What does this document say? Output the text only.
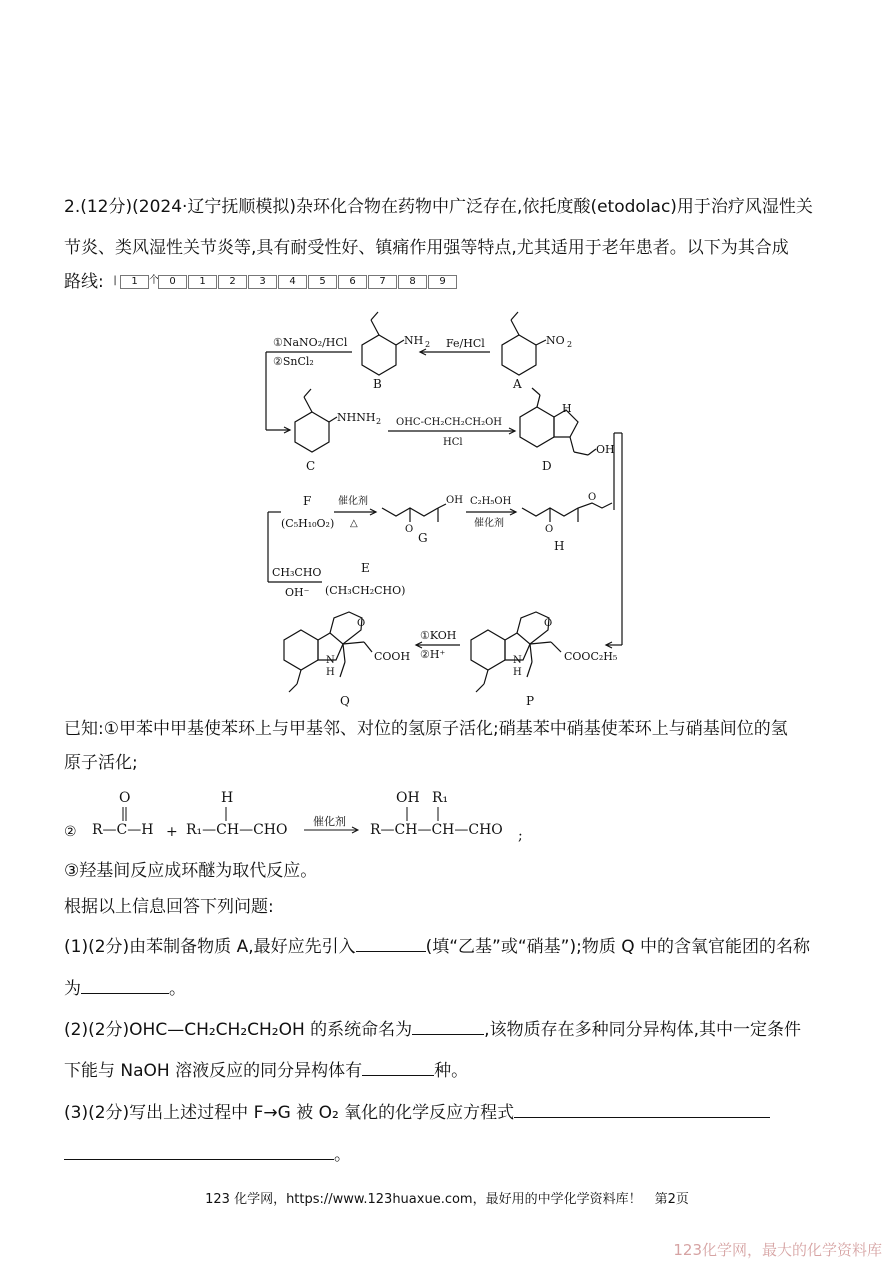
2.(12分)(2024·辽宁抚顺模拟)杂环化合物在药物中广泛存在,依托度酸(etodolac)用于治疗风湿性关
节炎、类风湿性关节炎等,具有耐受性好、镇痛作用强等特点,尤其适用于老年患者。以下为其合成
路线: |	1	个	0	1	2	3	4	5	6	7	8	9
A
B
C	D
E
F
G
H
P
Q
NH 2	NO 2
NHNH 2
H
OH
①NaNO₂/HCl
②SnCl₂
Fe/HCl
OHC-CH₂CH₂CH₂OH
HCl
(C₅H₁₀O₂)
催化剂
△
O
OH C₂H₅OH
催化剂
O
O
CH₃CHO
OH⁻ (CH₃CH₂CHO)
①KOH
②H⁺
O
COOC₂H₅
N
H
O
COOH
N
H
已知:①甲苯中甲基使苯环上与甲基邻、对位的氢原子活化;硝基苯中硝基使苯环上与硝基间位的氢
原子活化;
② R—C—H
O
+ R₁—CH—CHO
H
催化剂
R—CH—CH—CHO
OH R₁
;
③羟基间反应成环醚为取代反应。
根据以上信息回答下列问题:
(1)(2分)由苯制备物质 A,最好应先引入	(填“乙基”或“硝基”);物质 Q 中的含氧官能团的名称
为	。
(2)(2分)OHC—CH₂CH₂CH₂OH 的系统命名为	,该物质存在多种同分异构体,其中一定条件
下能与 NaOH 溶液反应的同分异构体有	种。
(3)(2分)写出上述过程中 F→G 被 O₂ 氧化的化学反应方程式
。
123 化学网，https://www.123huaxue.com，最好用的中学化学资料库！　第2页
123化学网，最大的化学资料库
